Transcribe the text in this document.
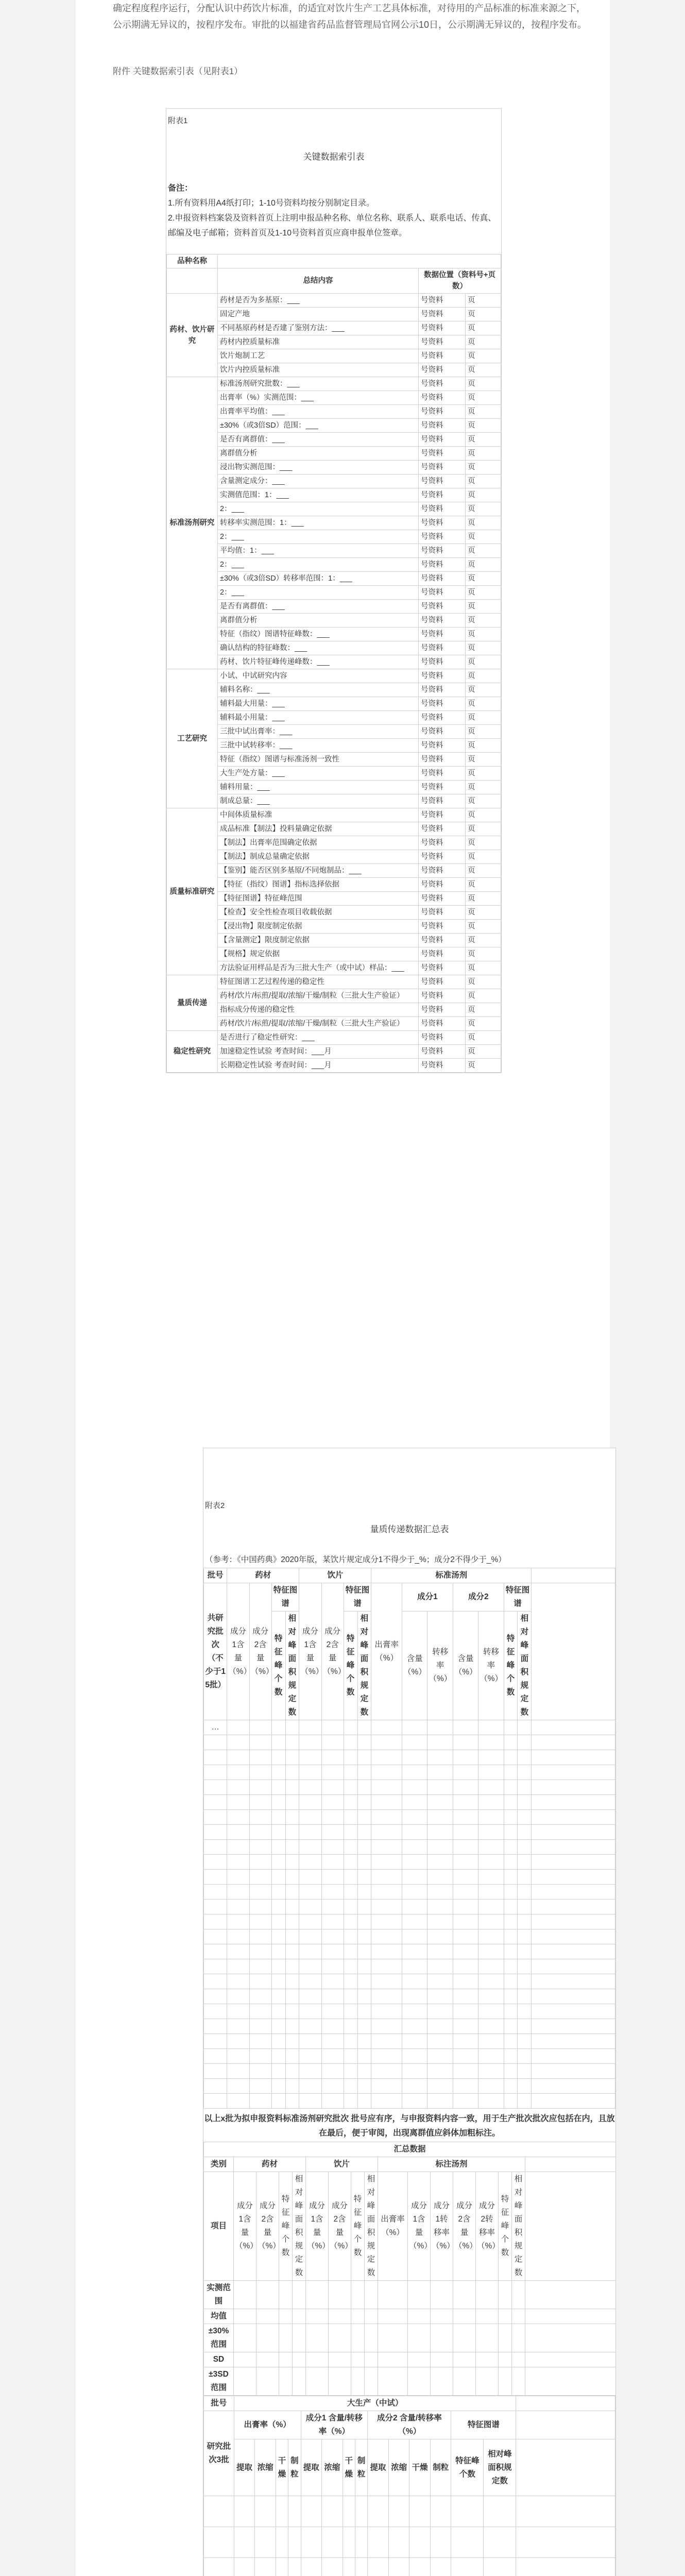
确定程度程序运行，分配认识中药饮片标准，的适宜对饮片生产工艺具体标准，对待用的产品标准的标准来源之下，公示期满无异议的，按程序发布。审批的以福建省药品监督管理局官网公示10日，公示期满无异议的，按程序发布。
附件 关键数据索引表（见附表1）
附表1
关键数据索引表
备注：
1.所有资料用A4纸打印；1-10号资料均按分别制定目录。
2.申报资料档案袋及资料首页上注明申报品种名称、单位名称、联系人、联系电话、传真、邮编及电子邮箱；资料首页及1-10号资料首页应商申报单位签章。
品种名称			
	总结内容	数据位置（资料号+页数）	
药材、饮片研究	药材是否为多基原：___	号资料	页
	固定产地	号资料	页
	不同基原药材是否建了鉴别方法：___	号资料	页
	药材内控质量标准	号资料	页
	饮片炮制工艺	号资料	页
	饮片内控质量标准	号资料	页
标准汤剂研究	标准汤剂研究批数：___	号资料	页
	出膏率（%）实测范围：___	号资料	页
	出膏率平均值：___	号资料	页
	±30%（或3倍SD）范围：___	号资料	页
	是否有离群值：___	号资料	页
	离群值分析	号资料	页
	浸出物实测范围：___	号资料	页
	含量测定成分：___	号资料	页
	实测值范围：1：___	号资料	页
	2：___	号资料	页
	转移率实测范围：1：___	号资料	页
	2：___	号资料	页
	平均值：1：___	号资料	页
	2：___	号资料	页
	±30%（或3倍SD）转移率范围：1：___	号资料	页
	2：___	号资料	页
	是否有离群值：___	号资料	页
	离群值分析	号资料	页
	特征（指纹）图谱特征峰数：___	号资料	页
	确认结构的特征峰数：___	号资料	页
	药材、饮片特征峰传递峰数：___	号资料	页
工艺研究	小试、中试研究内容	号资料	页
	辅料名称：___	号资料	页
	辅料最大用量：___	号资料	页
	辅料最小用量：___	号资料	页
	三批中试出膏率：___	号资料	页
	三批中试转移率：___	号资料	页
	特征（指纹）图谱与标准汤剂一致性	号资料	页
	大生产处方量：___	号资料	页
	辅料用量：___	号资料	页
	制成总量：___	号资料	页
质量标准研究	中间体质量标准	号资料	页
	成品标准【制法】投料量确定依据	号资料	页
	【制法】出膏率范围确定依据	号资料	页
	【制法】制成总量确定依据	号资料	页
	【鉴别】能否区别多基原/不同炮制品：___	号资料	页
	【特征（指纹）图谱】指标选择依据	号资料	页
	【特征图谱】特征峰范围	号资料	页
	【检查】安全性检查项目收载依据	号资料	页
	【浸出物】限度制定依据	号资料	页
	【含量测定】限度制定依据	号资料	页
	【规格】规定依据	号资料	页
	方法验证用样品是否为三批大生产（或中试）样品：___	号资料	页
量质传递	特征图谱工艺过程传递的稳定性	号资料	页
	药材/饮片/标煎/提取/浓缩/干燥/制粒（三批大生产验证）	号资料	页
	指标成分传递的稳定性	号资料	页
	药材/饮片/标煎/提取/浓缩/干燥/制粒（三批大生产验证）	号资料	页
稳定性研究	是否进行了稳定性研究：___	号资料	页
	加速稳定性试验 考查时间：___月	号资料	页
	长期稳定性试验 考查时间：___月	号资料	页
附表2
量质传递数据汇总表
（参考：《中国药典》2020年版，某饮片规定成分1不得少于_%；成分2不得少于_%）
批号	药材				饮片				标准汤剂							
共研究批次（不少于15批）	成分1含量（%）	成分2含量（%）	特征图谱		成分1含量（%）	成分2含量（%）	特征图谱		出膏率（%）	成分1		成分2		特征图谱		
			特征峰个数	相对峰面积规定数			特征峰个数	相对峰面积规定数		含量（%）	转移率（%）	含量（%）	转移率（%）	特征峰个数	相对峰面积规定数	

…																

以上x批为拟申报资料标准汤剂研究批次 批号应有序，与申报资料内容一致，用于生产批次批次应包括在内，且放在最后，便于审阅，出现离群值应斜体加粗标注。
汇总数据																
类别	药材				饮片				标注汤剂							
项目	成分1含量（%）	成分2含量（%）	特征峰个数	相对峰面积规定数	成分1含量（%）	成分2含量（%）	特征峰个数	相对峰面积规定数	出膏率（%）	成分1含量（%）	成分1转移率（%）	成分2含量（%）	成分2转移率（%）	特征峰个数	相对峰面积规定数	
实测范围																
均值																
±30%范围																
SD																
±3SD范围																
批号	大生产（中试）														
研究批次3批	出膏率（%）				成分1 含量/转移率（%）				成分2 含量/转移率（%）				特征图谱		
	提取	浓缩	干燥	制粒	提取	浓缩	干燥	制粒	提取	浓缩	干燥	制粒	特征峰个数	相对峰面积规定数	
